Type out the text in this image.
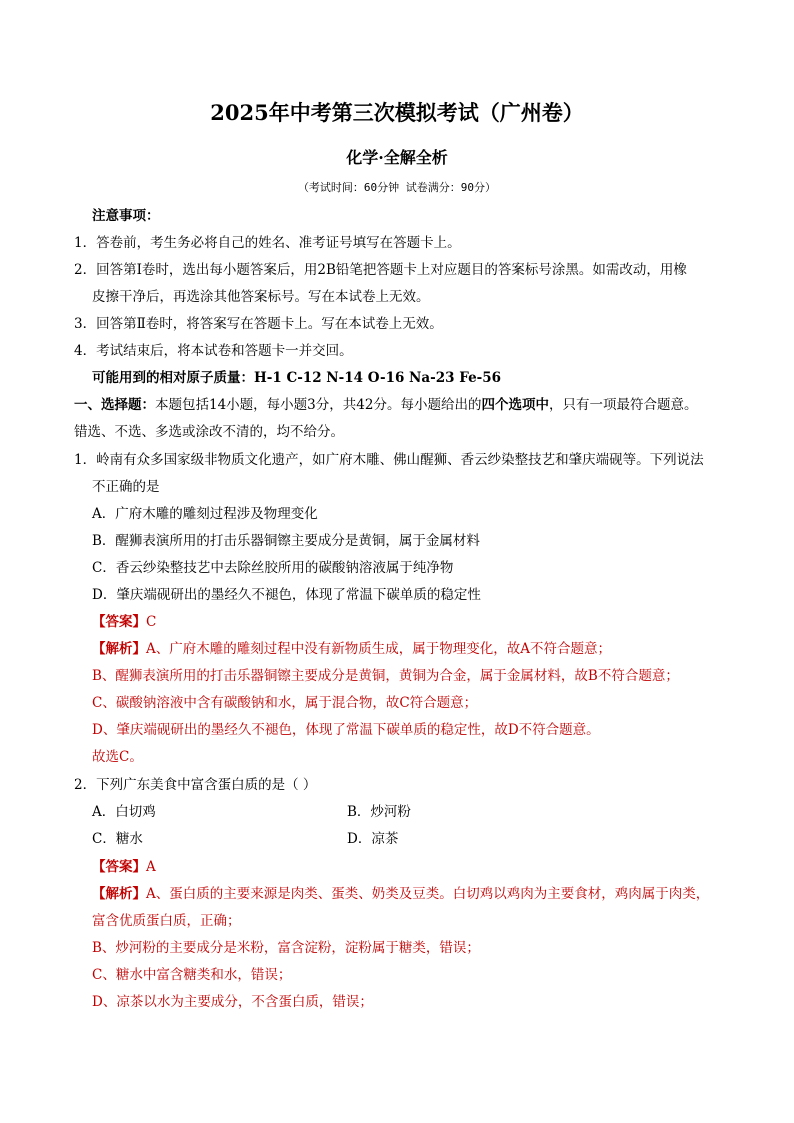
2025年中考第三次模拟考试（广州卷）
化学·全解全析
（考试时间：60分钟 试卷满分：90分）
注意事项：
1．答卷前，考生务必将自己的姓名、准考证号填写在答题卡上。
2．回答第Ⅰ卷时，选出每小题答案后，用2B铅笔把答题卡上对应题目的答案标号涂黑。如需改动，用橡
皮擦干净后，再选涂其他答案标号。写在本试卷上无效。
3．回答第Ⅱ卷时，将答案写在答题卡上。写在本试卷上无效。
4．考试结束后，将本试卷和答题卡一并交回。
可能用到的相对原子质量：H-1 C-12 N-14 O-16 Na-23 Fe-56
一、选择题：本题包括14小题，每小题3分，共42分。每小题给出的四个选项中，只有一项最符合题意。
错选、不选、多选或涂改不清的，均不给分。
1．岭南有众多国家级非物质文化遗产，如广府木雕、佛山醒狮、香云纱染整技艺和肇庆端砚等。下列说法
不正确的是
A．广府木雕的雕刻过程涉及物理变化
B．醒狮表演所用的打击乐器铜镲主要成分是黄铜，属于金属材料
C．香云纱染整技艺中去除丝胶所用的碳酸钠溶液属于纯净物
D．肇庆端砚研出的墨经久不褪色，体现了常温下碳单质的稳定性
【答案】C
【解析】A、广府木雕的雕刻过程中没有新物质生成，属于物理变化，故A不符合题意；
B、醒狮表演所用的打击乐器铜镲主要成分是黄铜，黄铜为合金，属于金属材料，故B不符合题意；
C、碳酸钠溶液中含有碳酸钠和水，属于混合物，故C符合题意；
D、肇庆端砚研出的墨经久不褪色，体现了常温下碳单质的稳定性，故D不符合题意。
故选C。
2．下列广东美食中富含蛋白质的是（ ）
A．白切鸡	B．炒河粉
C．糖水	D．凉茶
【答案】A
【解析】A、蛋白质的主要来源是肉类、蛋类、奶类及豆类。白切鸡以鸡肉为主要食材，鸡肉属于肉类，
富含优质蛋白质，正确；
B、炒河粉的主要成分是米粉，富含淀粉，淀粉属于糖类，错误；
C、糖水中富含糖类和水，错误；
D、凉茶以水为主要成分，不含蛋白质，错误；
